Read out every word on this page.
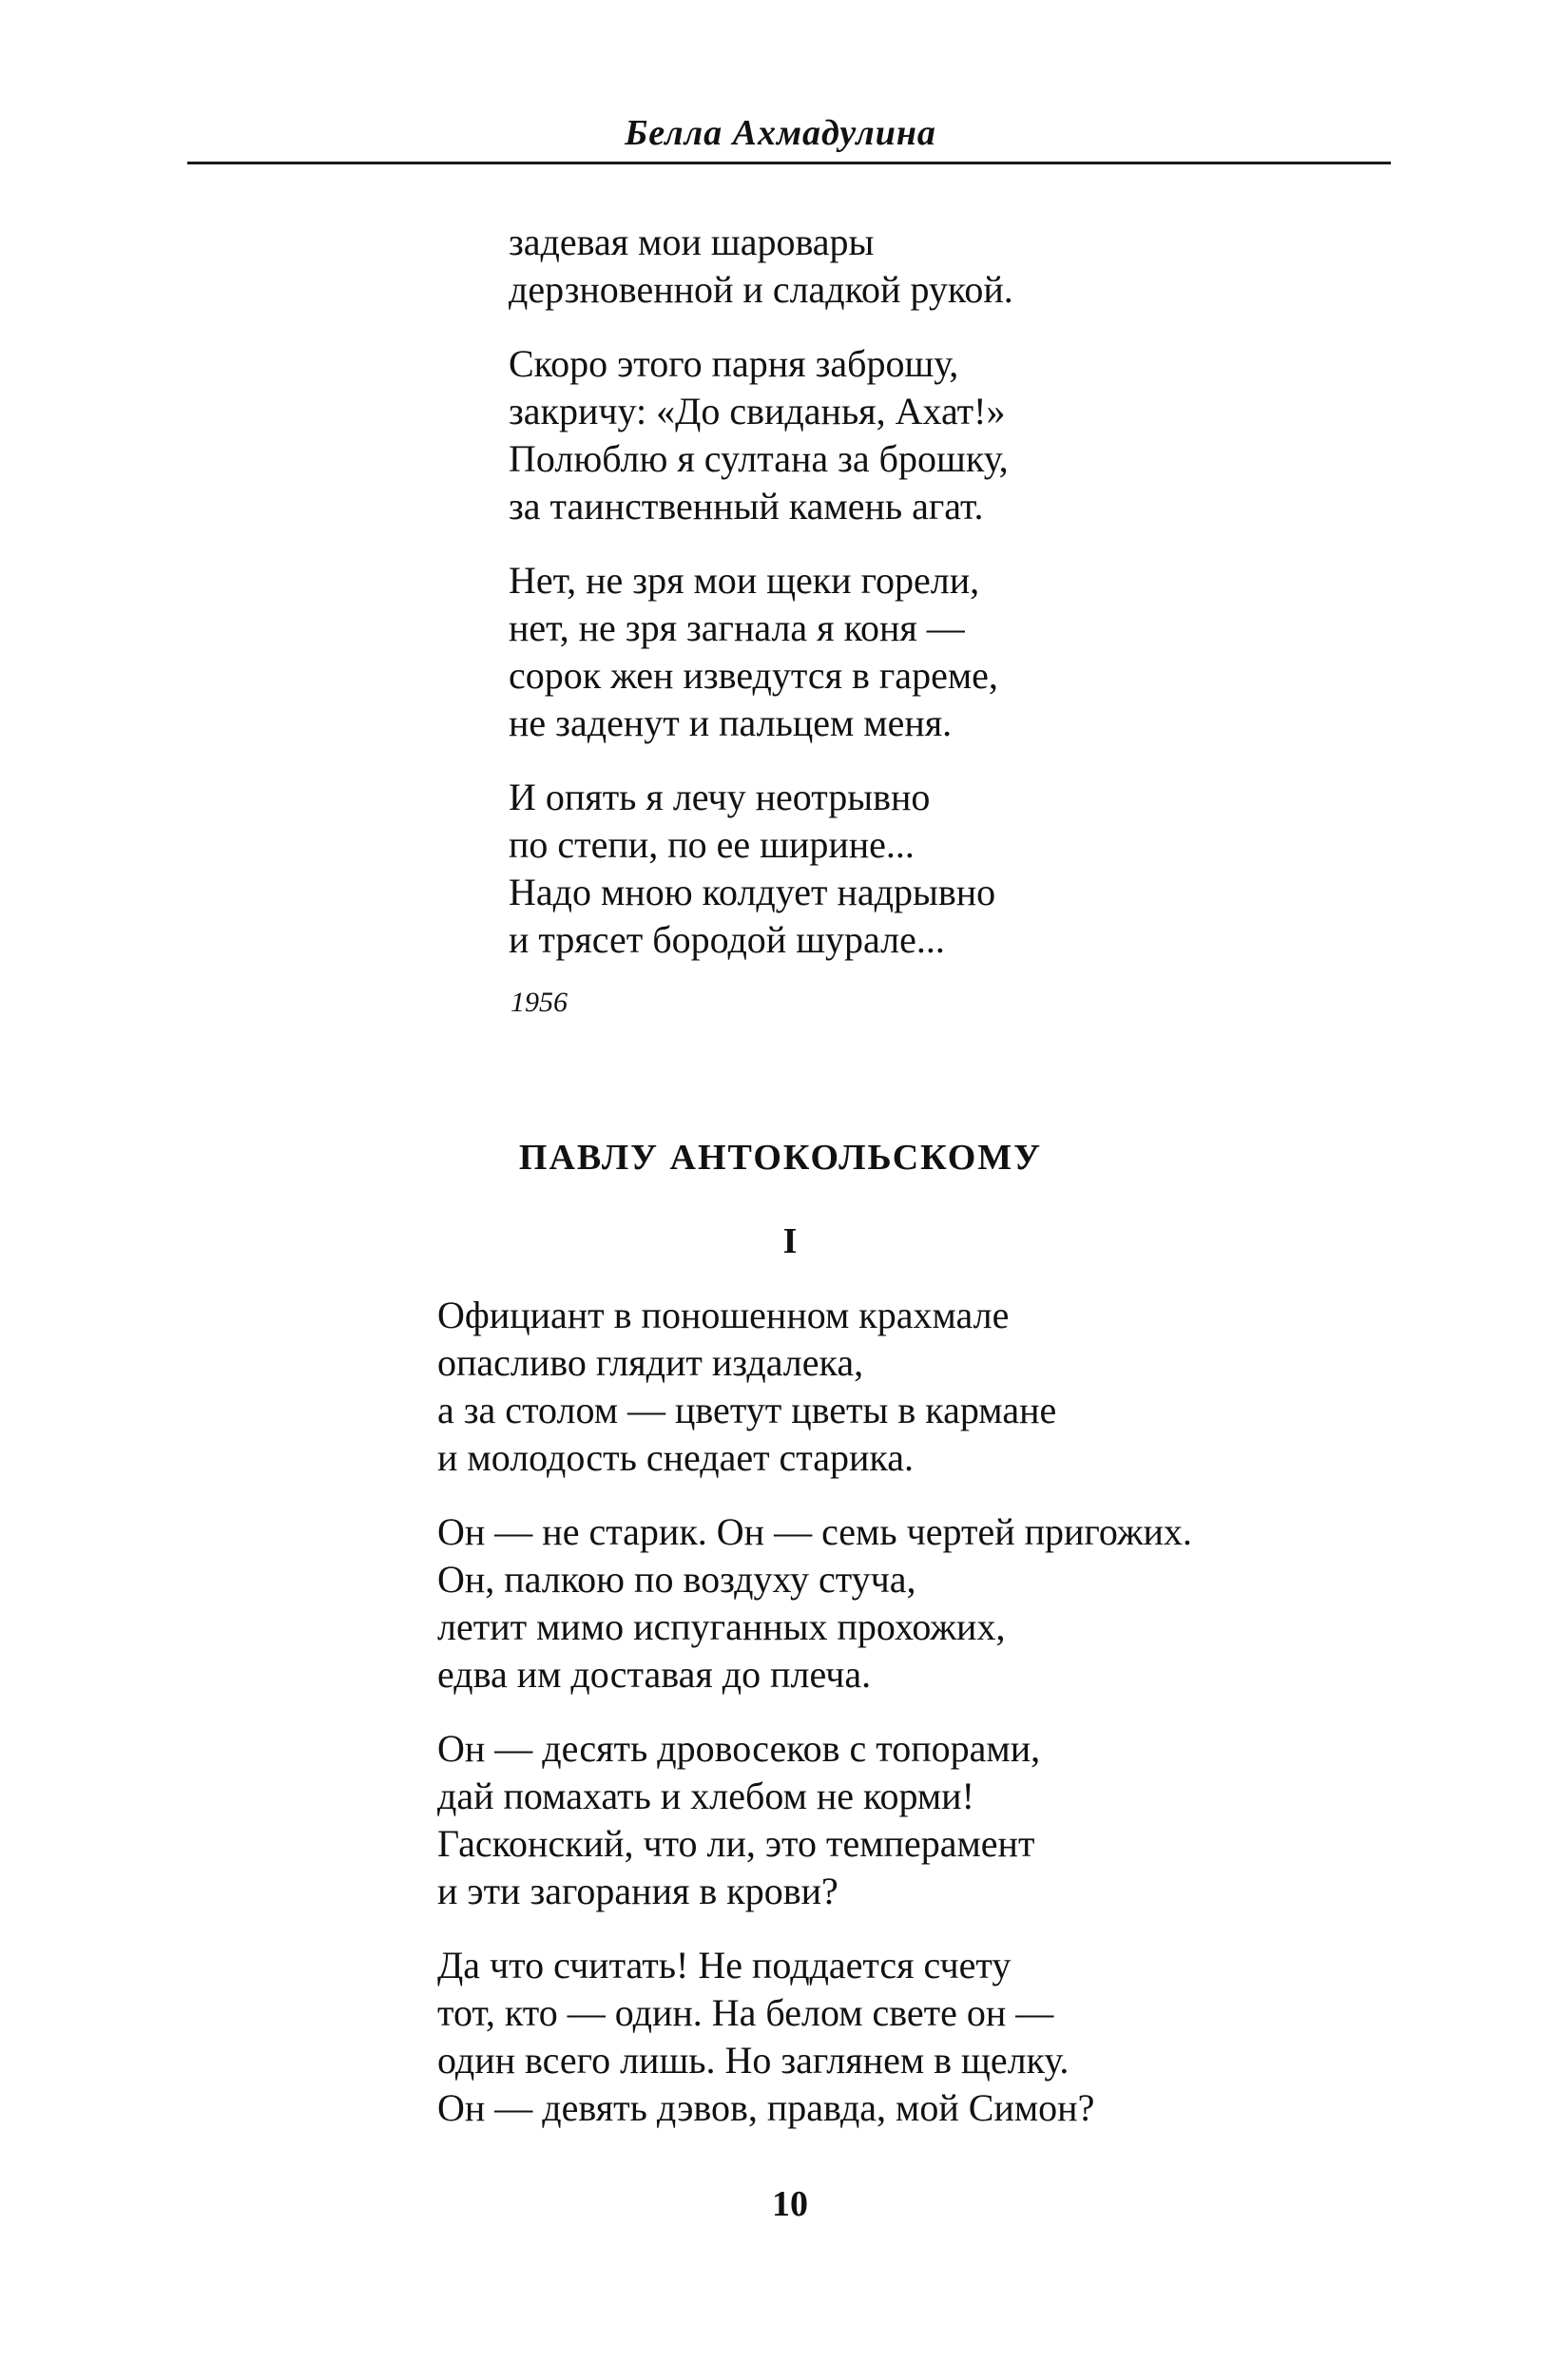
Белла Ахмадулина
задевая мои шаровары
дерзновенной и сладкой рукой.
Скоро этого парня заброшу,
закричу: «До свиданья, Ахат!»
Полюблю я султана за брошку,
за таинственный камень агат.
Нет, не зря мои щеки горели,
нет, не зря загнала я коня —
сорок жен изведутся в гареме,
не заденут и пальцем меня.
И опять я лечу неотрывно
по степи, по ее ширине...
Надо мною колдует надрывно
и трясет бородой шурале...
1956
ПАВЛУ АНТОКОЛЬСКОМУ
I
Официант в поношенном крахмале
опасливо глядит издалека,
а за столом — цветут цветы в кармане
и молодость снедает старика.
Он — не старик. Он — семь чертей пригожих.
Он, палкою по воздуху стуча,
летит мимо испуганных прохожих,
едва им доставая до плеча.
Он — десять дровосеков с топорами,
дай помахать и хлебом не корми!
Гасконский, что ли, это темперамент
и эти загорания в крови?
Да что считать! Не поддается счету
тот, кто — один. На белом свете он —
один всего лишь. Но заглянем в щелку.
Он — девять дэвов, правда, мой Симон?
10
